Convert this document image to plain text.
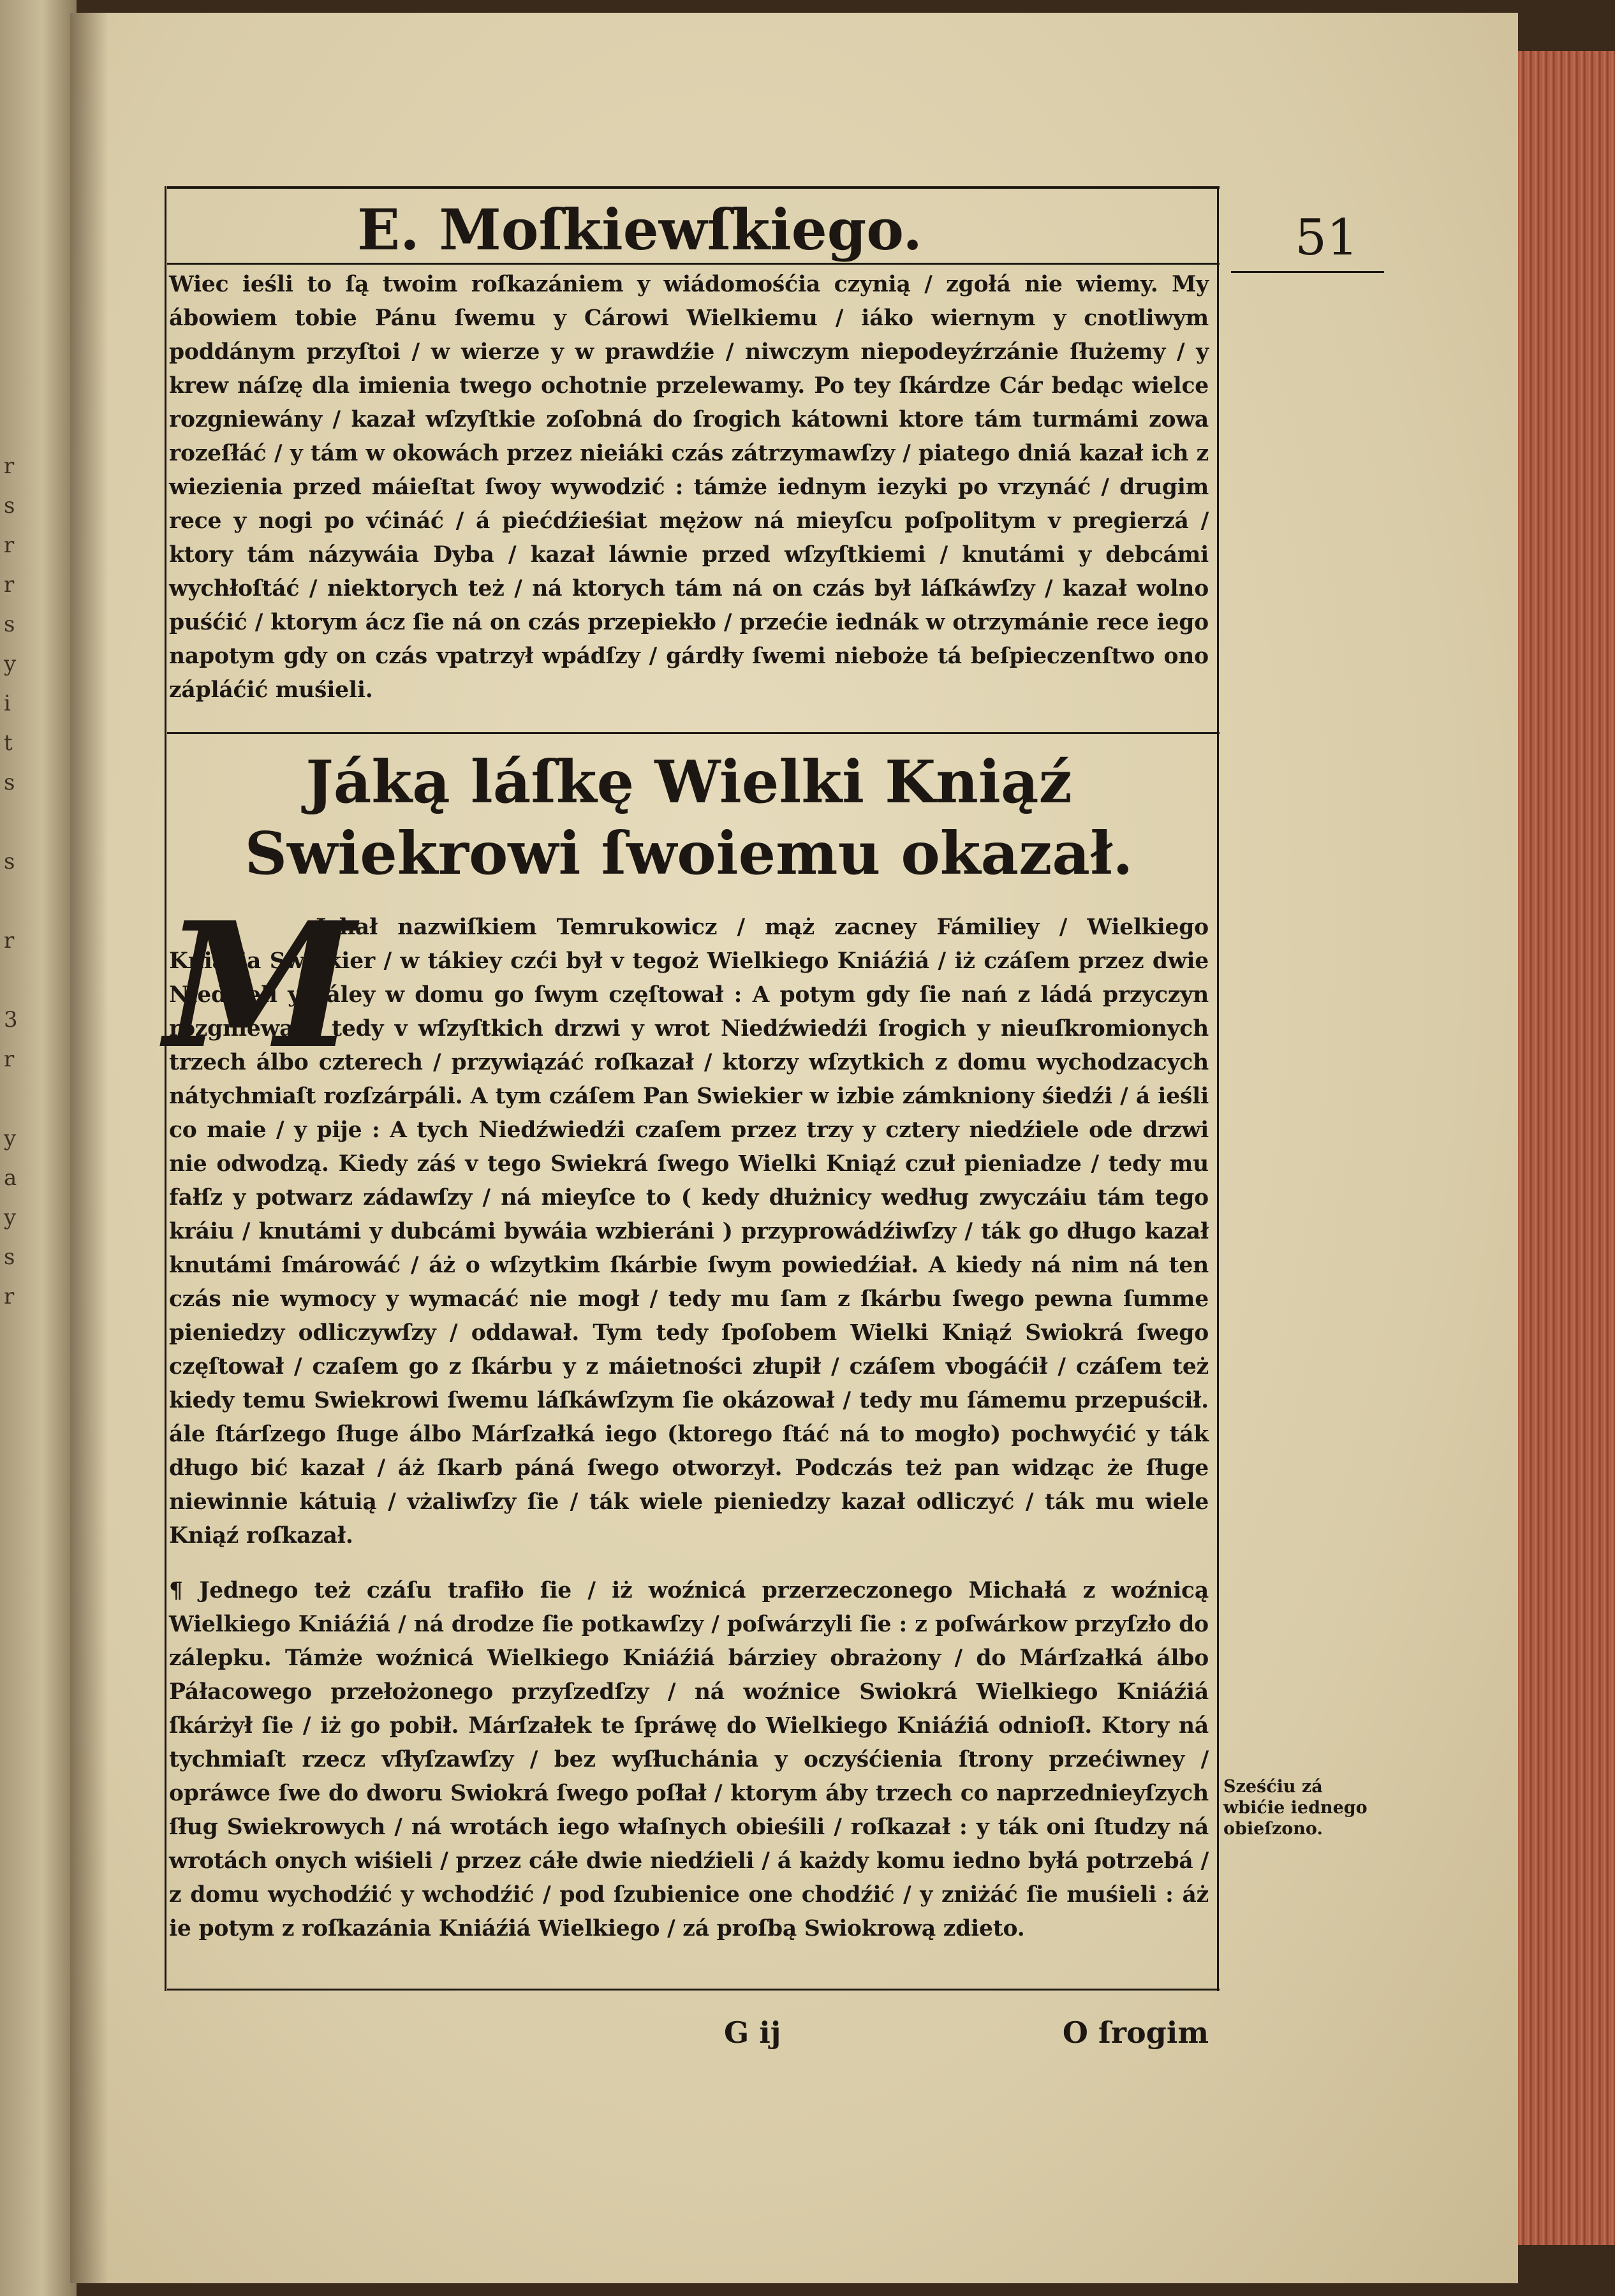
r
s
r
r
s
y
i
t
s

s

r

3
r

y
a
y
s
r
E. Moſkiewſkiego.	51

Wiec ieśli to ſą twoim roſkazániem y wiádomośćia czynią / zgołá nie wiemy. My ábowiem tobie Pánu ſwemu y Cárowi Wielkiemu / iáko wiernym y cnotliwym poddánym przyſtoi / w wierze y w prawdźie / niwczym niepodeyźrzánie ſłużemy / y krew náſzę dla imienia twego ochotnie przelewamy. Po tey ſkárdze Cár bedąc wielce rozgniewány / kazał wſzyſtkie zoſobná do ſrogich kátowni ktore tám turmámi zowa rozeſłáć / y tám w okowách przez nieiáki czás zátrzymawſzy / piatego dniá kazał ich z wiezienia przed máieſtat ſwoy wywodzić : támże iednym iezyki po vrzynáć / drugim rece y nogi po vćináć / á piećdźieśiat mężow ná mieyſcu poſpolitym v pregierzá / ktory tám názywáia Dyba / kazał láwnie przed wſzyſtkiemi / knutámi y debcámi wychłoſtáć / niektorych też / ná ktorych tám ná on czás był láſkáwſzy / kazał wolno puśćić / ktorym ácz ſie ná on czás przepiekło / przećie iednák w otrzymánie rece iego napotym gdy on czás vpatrzył wpádſzy / gárdły ſwemi nieboże tá beſpieczenſtwo ono zápláćić muśieli.

Jáką láſkę Wielki Kniąź Swiekrowi ſwoiemu okazał.
M

Jchał nazwiſkiem Temrukowicz / mąż zacney Fámiliey / Wielkiego Kniáźia Swiekier / w tákiey czći był v tegoż Wielkiego Kniáźiá / iż czáſem przez dwie Niedźieli y dáley w domu go ſwym częſtował : A potym gdy ſie nań z ládá przyczyn rozgniewał / tedy v wſzyſtkich drzwi y wrot Niedźwiedźi ſrogich y nieuſkromionych trzech álbo czterech / przywiązáć roſkazał / ktorzy wſzytkich z domu wychodzacych nátychmiaſt rozſzárpáli. A tym czáſem Pan Swiekier w izbie zámkniony śiedźi / á ieśli co maie / y pije : A tych Niedźwiedźi czaſem przez trzy y cztery niedźiele ode drzwi nie odwodzą. Kiedy záś v tego Swiekrá ſwego Wielki Kniąź czuł pieniadze / tedy mu fałſz y potwarz zádawſzy / ná mieyſce to ( kedy dłużnicy według zwyczáiu tám tego kráiu / knutámi y dubcámi bywáia wzbieráni ) przyprowádźiwſzy / ták go długo kazał knutámi ſmárowáć / áż o wſzytkim ſkárbie ſwym powiedźiał. A kiedy ná nim ná ten czás nie wymocy y wymacáć nie mogł / tedy mu ſam z ſkárbu ſwego pewna ſumme pieniedzy odliczywſzy / oddawał. Tym tedy ſpoſobem Wielki Kniąź Swiokrá ſwego częſtował / czaſem go z ſkárbu y z máietności złupił / czáſem vbogáćił / czáſem też kiedy temu Swiekrowi ſwemu láſkáwſzym ſie okázował / tedy mu ſámemu przepuścił. ále ſtárſzego ſługe álbo Márſzałká iego (ktorego ſtáć ná to mogło) pochwyćić y ták długo bić kazał / áż ſkarb páná ſwego otworzył. Podczás też pan widząc że ſługe niewinnie kátuią / vżaliwſzy ſie / ták wiele pieniedzy kazał odliczyć / ták mu wiele Kniąź roſkazał.

¶ Jednego też czáſu trafiło ſie / iż woźnicá przerzeczonego Michałá z woźnicą Wielkiego Kniáźiá / ná drodze ſie potkawſzy / poſwárzyli ſie : z poſwárkow przyſzło do zálepku. Támże woźnicá Wielkiego Kniáźiá bárziey obrażony / do Márſzałká álbo Páłacowego przełożonego przyſzedſzy / ná woźnice Swiokrá Wielkiego Kniáźiá ſkárżył ſie / iż go pobił. Márſzałek te ſpráwę do Wielkiego Kniáźiá odnioſł. Ktory ná tychmiaſt rzecz vſłyſzawſzy / bez wyſłuchánia y oczyśćienia ſtrony przećiwney / opráwce ſwe do dworu Swiokrá ſwego poſłał / ktorym áby trzech co naprzednieyſzych ſług Swiekrowych / ná wrotách iego właſnych obieśili / roſkazał : y ták oni ſtudzy ná wrotách onych wiśieli / przez cáłe dwie niedźieli / á każdy komu iedno byłá potrzebá / z domu wychodźić y wchodźić / pod ſzubienice one chodźić / y zniżáć ſie muśieli : áż ie potym z roſkazánia Kniáźiá Wielkiego / zá proſbą Swiokrową zdieto.

Sześćiu zá wbićie iednego obieſzono.
G ij	O ſrogim
